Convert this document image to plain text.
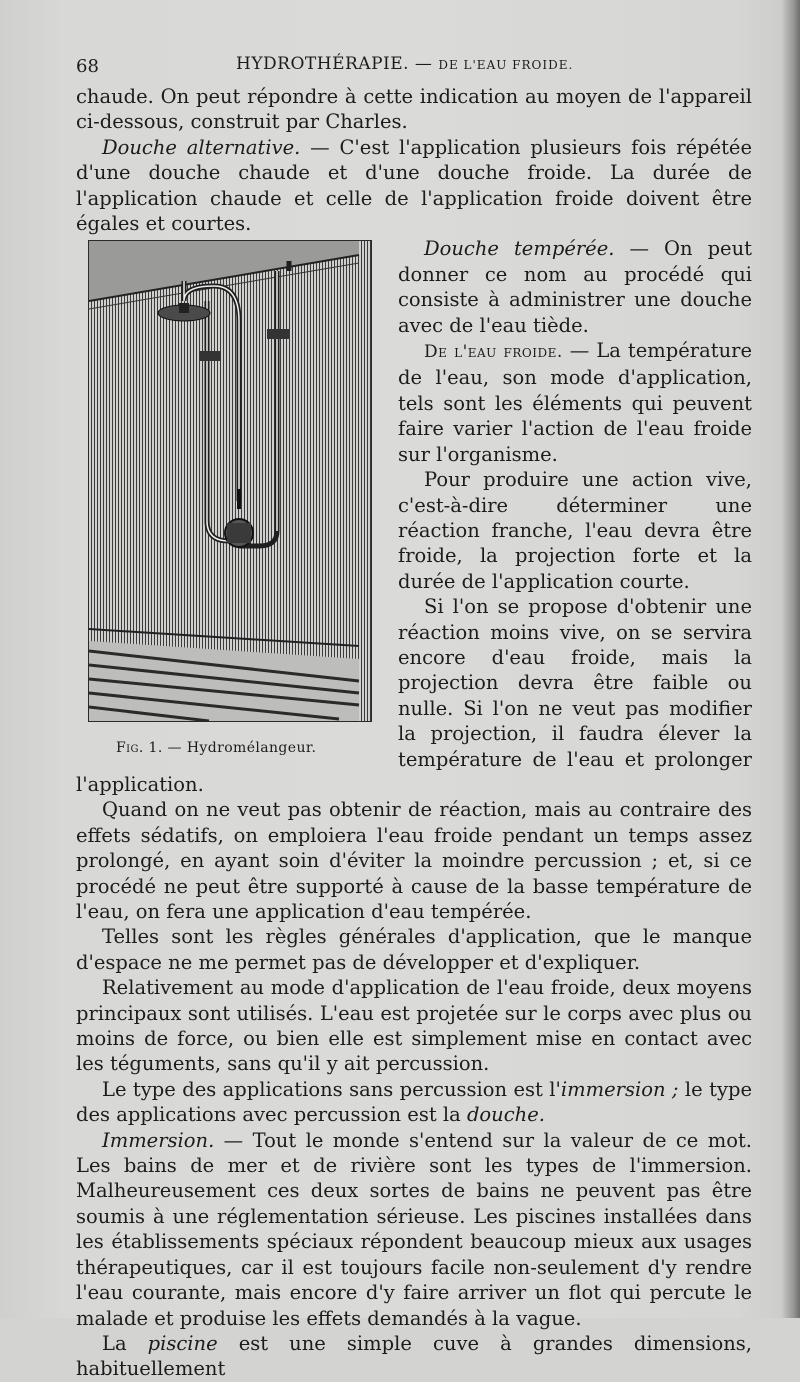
68	HYDROTHÉRAPIE. — DE L'EAU FROIDE.

chaude. On peut répondre à cette indication au moyen de l'appareil ci-dessous, construit par Charles.

Douche alternative. — C'est l'application plusieurs fois répétée d'une douche chaude et d'une douche froide. La durée de l'application chaude et celle de l'application froide doivent être égales et courtes.

Fig. 1. — Hydromélangeur.

Douche tempérée. — On peut donner ce nom au procédé qui consiste à administrer une douche avec de l'eau tiède.

De l'eau froide. — La température de l'eau, son mode d'application, tels sont les éléments qui peuvent faire varier l'action de l'eau froide sur l'organisme.

Pour produire une action vive, c'est-à-dire déterminer une réaction franche, l'eau devra être froide, la projection forte et la durée de l'application courte.

Si l'on se propose d'obtenir une réaction moins vive, on se servira encore d'eau froide, mais la projection devra être faible ou nulle. Si l'on ne veut pas modifier la projection, il faudra élever la température de l'eau et prolonger l'application.

Quand on ne veut pas obtenir de réaction, mais au contraire des effets sédatifs, on emploiera l'eau froide pendant un temps assez prolongé, en ayant soin d'éviter la moindre percussion ; et, si ce procédé ne peut être supporté à cause de la basse température de l'eau, on fera une application d'eau tempérée.

Telles sont les règles générales d'application, que le manque d'espace ne me permet pas de développer et d'expliquer.

Relativement au mode d'application de l'eau froide, deux moyens principaux sont utilisés. L'eau est projetée sur le corps avec plus ou moins de force, ou bien elle est simplement mise en contact avec les téguments, sans qu'il y ait percussion.

Le type des applications sans percussion est l'immersion ; le type des applications avec percussion est la douche.

Immersion. — Tout le monde s'entend sur la valeur de ce mot. Les bains de mer et de rivière sont les types de l'immersion. Malheureusement ces deux sortes de bains ne peuvent pas être soumis à une réglementation sérieuse. Les piscines installées dans les établissements spéciaux répondent beaucoup mieux aux usages thérapeutiques, car il est toujours facile non-seulement d'y rendre l'eau courante, mais encore d'y faire arriver un flot qui percute le malade et produise les effets demandés à la vague.

La piscine est une simple cuve à grandes dimensions, habituellement
